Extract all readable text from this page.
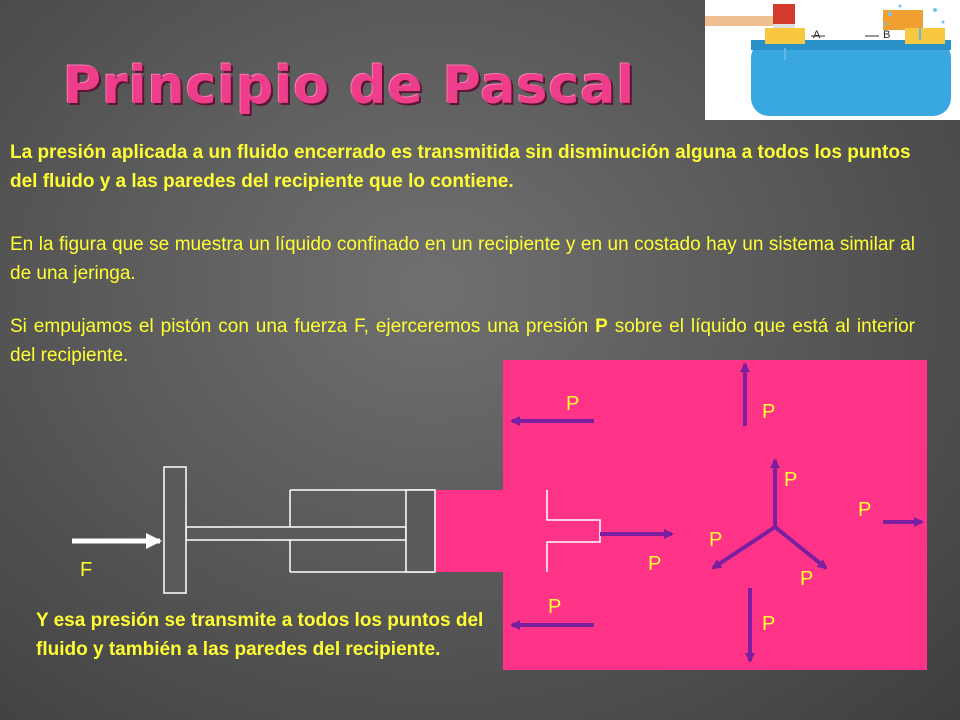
A	B
Principio de Pascal

La presión aplicada a un fluido encerrado es transmitida sin disminución alguna a todos los puntos del fluido y a las paredes del recipiente que lo contiene.

En la figura que se muestra un líquido confinado en un recipiente y en un costado hay un sistema similar al de una jeringa.

Si empujamos el pistón con una fuerza F, ejerceremos una presión P sobre el líquido que está al interior del recipiente.

F
P	P
P
P
P
P
P
P
P

Y esa presión se transmite a todos los puntos del fluido y también a las paredes del recipiente.
